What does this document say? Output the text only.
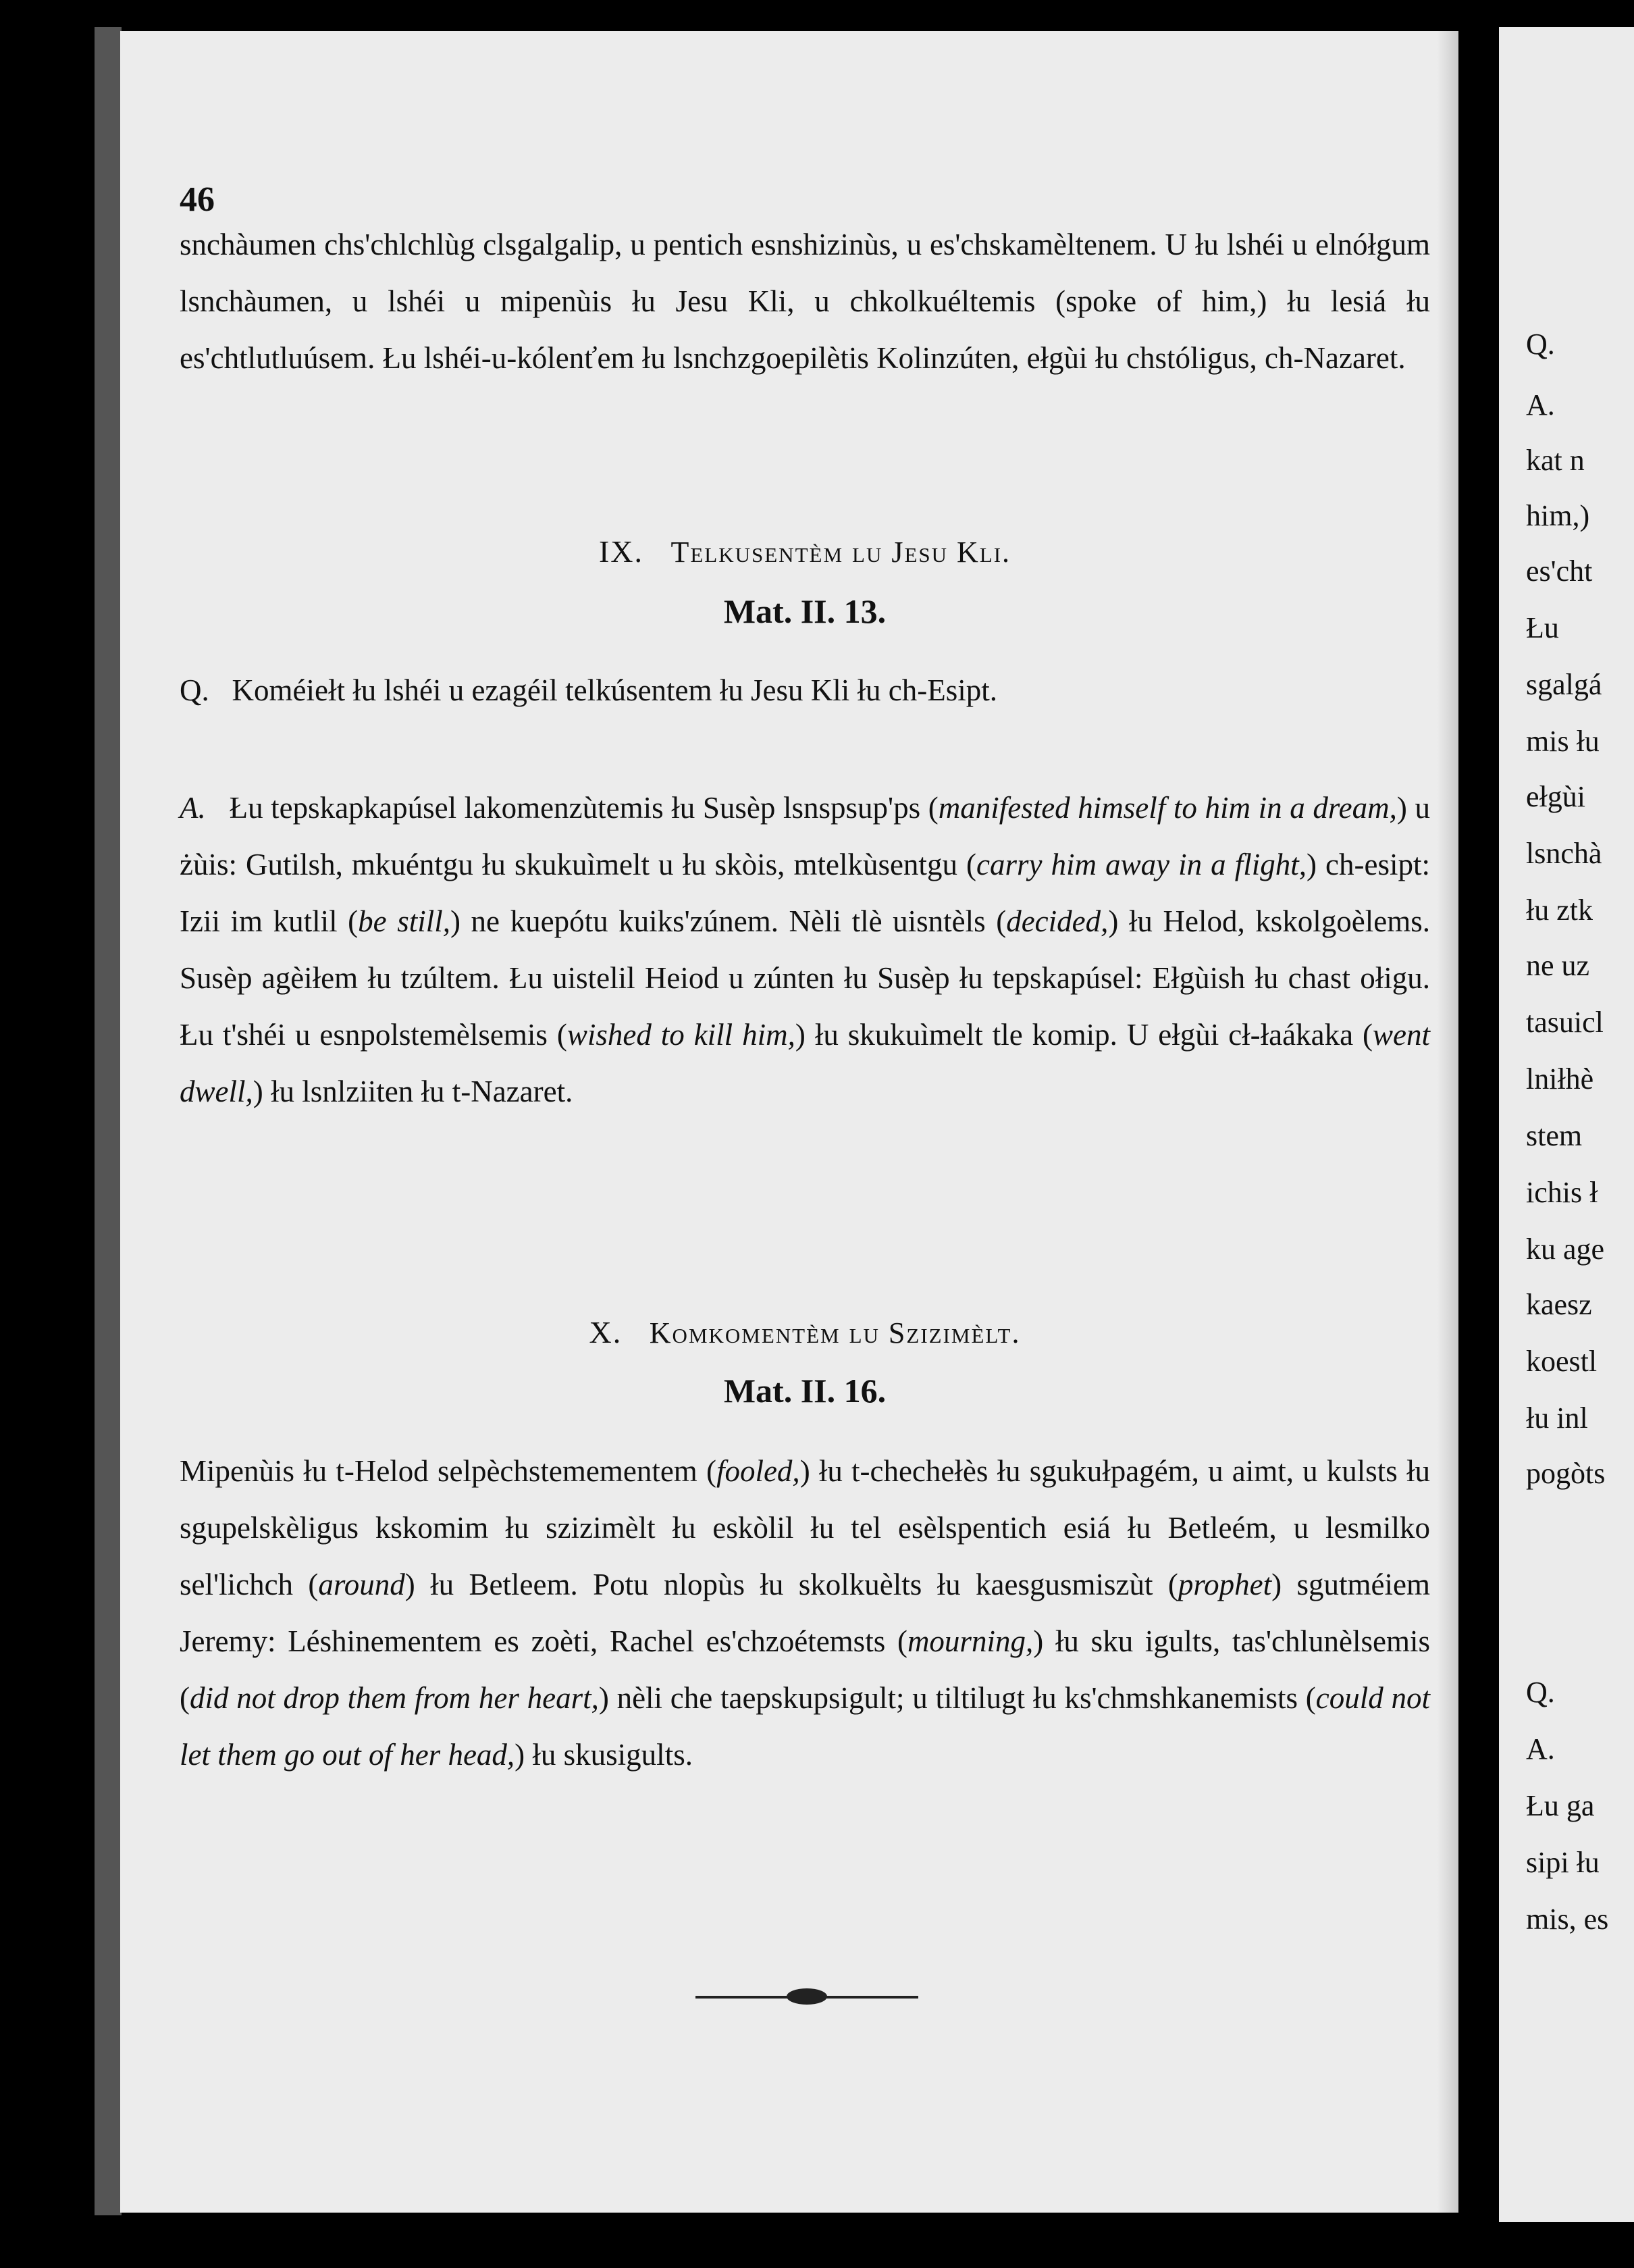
46
snchàumen chs'chlchlùg clsgalgalip, u pentich esnshizinùs, u es'chskamèltenem. U łu lshéi u elnółgum lsnchàumen, u lshéi u mipenùis łu Jesu Kli, u chkolkuéltemis (spoke of him,) łu lesiá łu es'chtlutluúsem. Łu lshéi-u-kólenťem łu lsnchzgoepilètis Kolinzúten, ełgùi łu chstóligus, ch-Nazaret.
IX. Telkusentèm lu Jesu Kli.
Mat. II. 13.
Q. Koméiełt łu lshéi u ezagéil telkúsentem łu Jesu Kli łu ch-Esipt.
A. Łu tepskapkapúsel lakomenzùtemis łu Susèp lsnspsup'ps (manifested himself to him in a dream,) u żùis: Gutilsh, mkuéntgu łu skukuìmelt u łu skòis, mtelkùsentgu (carry him away in a flight,) ch-esipt: Izii im kutlil (be still,) ne kuepótu kuiks'zúnem. Nèli tlè uisntèls (decided,) łu Helod, kskolgoèlems. Susèp agèiłem łu tzúltem. Łu uistelil Heiod u zúnten łu Susèp łu tepskapúsel: Ełgùish łu chast ołigu. Łu t'shéi u esnpolstemèlsemis (wished to kill him,) łu skukuìmelt tle komip. U ełgùi cł-łaákaka (went dwell,) łu lsnlziiten łu t-Nazaret.
X. Komkomentèm lu Szizimèlt.
Mat. II. 16.
Mipenùis łu t-Helod selpèchstemementem (fooled,) łu t-chechełès łu sgukułpagém, u aimt, u kulsts łu sgupelskèligus kskomim łu szizimèlt łu eskòlil łu tel esèlspentich esiá łu Betleém, u lesmilko sel'lichch (around) łu Betleem. Potu nlopùs łu skolkuèlts łu kaesgusmiszùt (prophet) sgutméiem Jeremy: Léshinementem es zoèti, Rachel es'chzoétemsts (mourning,) łu sku igults, tas'chlunèlsemis (did not drop them from her heart,) nèli che taepskupsigult; u tiltilugt łu ks'chmshkanemists (could not let them go out of her head,) łu skusigults.
Q.
A.
kat n
him,)
es'cht
Łu
sgalgá
mis łu
ełgùi
lsnchà
łu ztk
ne uz
tasuicl
lniłhè
stem
ichis ł
ku age
kaesz
koestl
łu inl
pogòts
Q.
A.
Łu ga
sipi łu
mis, es
